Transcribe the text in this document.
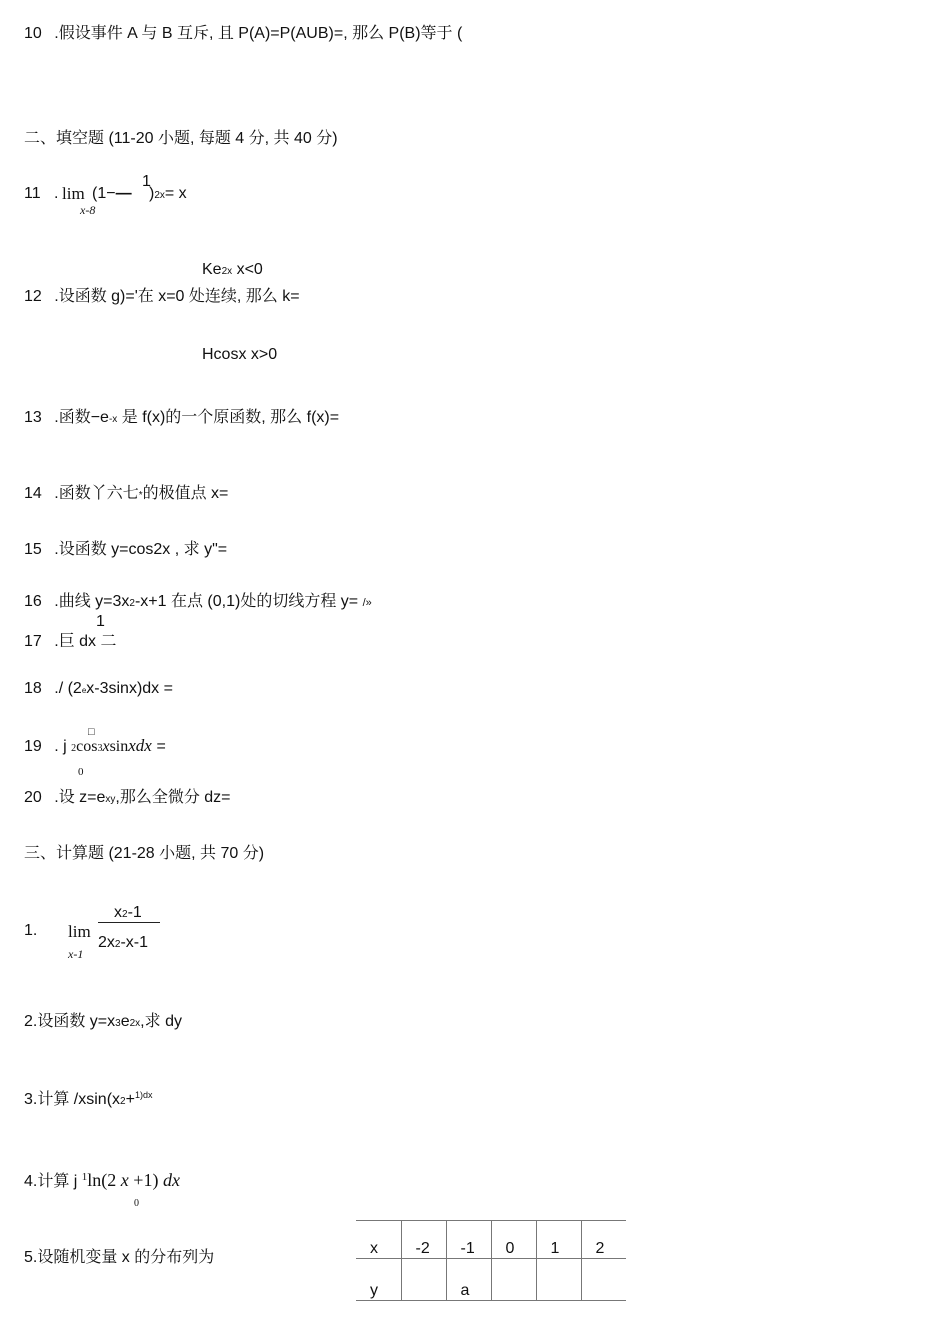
10 .假设事件 A 与 B 互斥, 且 P(A)=P(AUB)=, 那么 P(B)等于 (
二、填空题 (11-20 小题, 每题 4 分, 共 40 分)
11 . lim
x-8
1
(1−— )2x= x
Ke2x x<0
12 .设函数 g)='在 x=0 处连续, 那么 k=
Hcosx x>0
13 .函数−e-x 是 f(x)的一个原函数, 那么 f(x)=
14 .函数丫六七*的极值点 x=
15 .设函数 y=cos2x , 求 y"=
16 .曲线 y=3x2-x+1 在点 (0,1)处的切线方程 y= /»
1
17 .巨 dx 二
18 ./ (2ex-3sinx)dx =
□
19 . j 2cos3xsinxdx =
0
20 .设 z=exy,那么全微分 dz=
三、计算题 (21-28 小题, 共 70 分)
1. lim
x-1
x2-1
2x2-x-1
2.设函数 y=x3e2x,求 dy
3.计算 /xsin(x2+$^{1)dx}$
4.计算 j $^1$ln(2 x +1) dx
0
5.设随机变量 x 的分布列为
x	-2	-1	0	1	2
y		a			
